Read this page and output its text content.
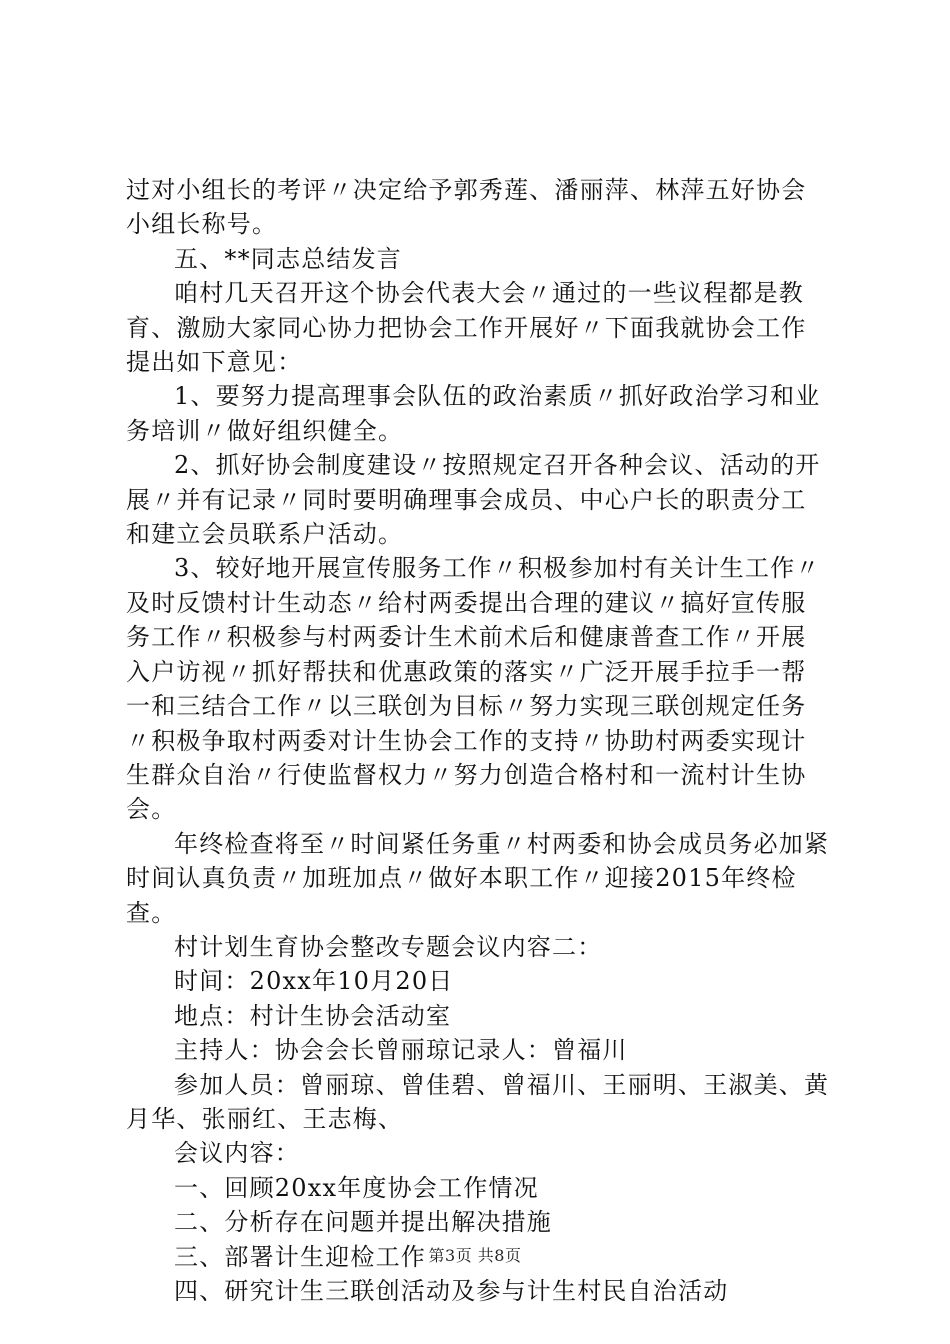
过对小组长的考评〃决定给予郭秀莲、潘丽萍、林萍五好协会小组长称号。

五、**同志总结发言

咱村几天召开这个协会代表大会〃通过的一些议程都是教育、激励大家同心协力把协会工作开展好〃下面我就协会工作提出如下意见：

1、要努力提高理事会队伍的政治素质〃抓好政治学习和业务培训〃做好组织健全。

2、抓好协会制度建设〃按照规定召开各种会议、活动的开展〃并有记录〃同时要明确理事会成员、中心户长的职责分工和建立会员联系户活动。

3、较好地开展宣传服务工作〃积极参加村有关计生工作〃及时反馈村计生动态〃给村两委提出合理的建议〃搞好宣传服务工作〃积极参与村两委计生术前术后和健康普查工作〃开展入户访视〃抓好帮扶和优惠政策的落实〃广泛开展手拉手一帮一和三结合工作〃以三联创为目标〃努力实现三联创规定任务〃积极争取村两委对计生协会工作的支持〃协助村两委实现计生群众自治〃行使监督权力〃努力创造合格村和一流村计生协会。

年终检查将至〃时间紧任务重〃村两委和协会成员务必加紧时间认真负责〃加班加点〃做好本职工作〃迎接2015年终检查。

村计划生育协会整改专题会议内容二：

时间：20xx年10月20日

地点：村计生协会活动室

主持人：协会会长曾丽琼记录人：曾福川

参加人员：曾丽琼、曾佳碧、曾福川、王丽明、王淑美、黄月华、张丽红、王志梅、

会议内容：

一、回顾20xx年度协会工作情况

二、分析存在问题并提出解决措施

三、部署计生迎检工作

四、研究计生三联创活动及参与计生村民自治活动

第3页 共8页
